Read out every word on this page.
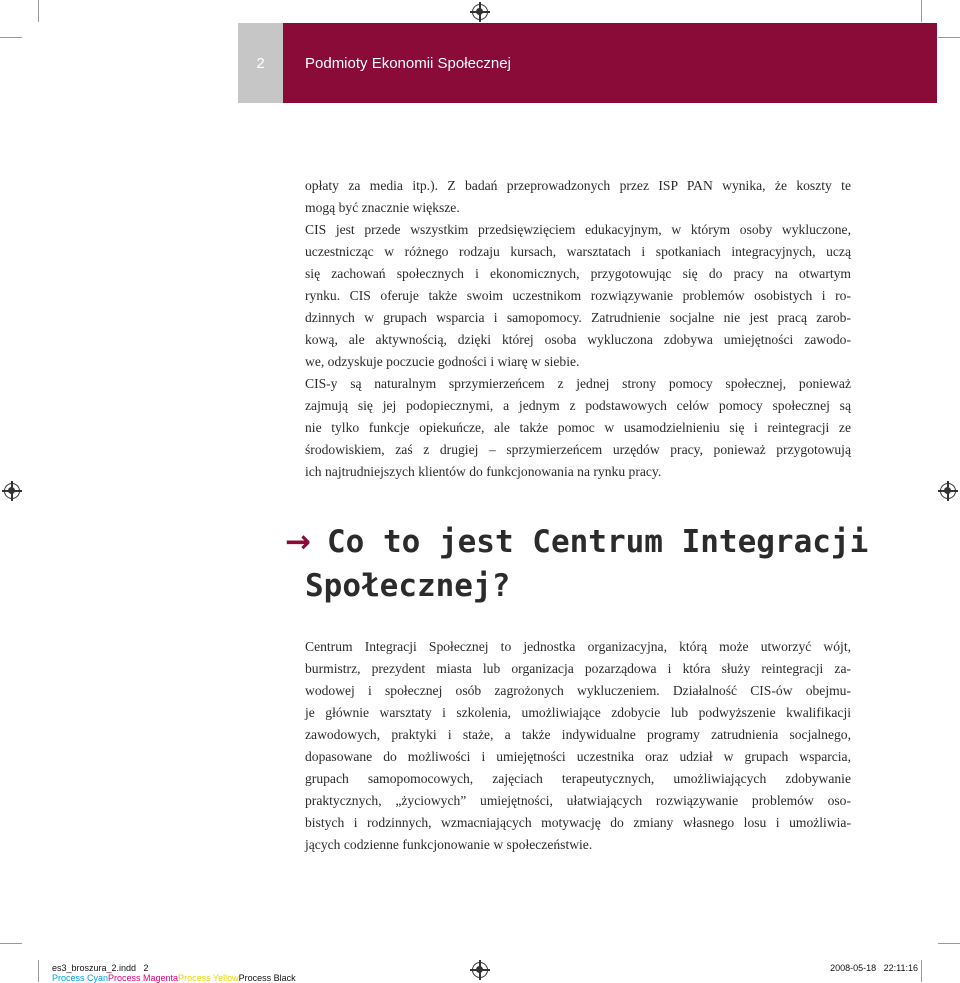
2	Podmioty Ekonomii Społecznej
opłaty za media itp.). Z badań przeprowadzonych przez ISP PAN wynika, że koszty te
mogą być znacznie większe.
CIS jest przede wszystkim przedsięwzięciem edukacyjnym, w którym osoby wykluczone,
uczestnicząc w różnego rodzaju kursach, warsztatach i spotkaniach integracyjnych, uczą
się zachowań społecznych i ekonomicznych, przygotowując się do pracy na otwartym
rynku. CIS oferuje także swoim uczestnikom rozwiązywanie problemów osobistych i ro-
dzinnych w grupach wsparcia i samopomocy. Zatrudnienie socjalne nie jest pracą zarob-
kową, ale aktywnością, dzięki której osoba wykluczona zdobywa umiejętności zawodo-
we, odzyskuje poczucie godności i wiarę w siebie.
CIS-y są naturalnym sprzymierzeńcem z jednej strony pomocy społecznej, ponieważ
zajmują się jej podopiecznymi, a jednym z podstawowych celów pomocy społecznej są
nie tylko funkcje opiekuńcze, ale także pomoc w usamodzielnieniu się i reintegracji ze
środowiskiem, zaś z drugiej – sprzymierzeńcem urzędów pracy, ponieważ przygotowują
ich najtrudniejszych klientów do funkcjonowania na rynku pracy.
→ Co to jest Centrum Integracji
Społecznej?
Centrum Integracji Społecznej to jednostka organizacyjna, którą może utworzyć wójt,
burmistrz, prezydent miasta lub organizacja pozarządowa i która służy reintegracji za-
wodowej i społecznej osób zagrożonych wykluczeniem. Działalność CIS-ów obejmu-
je głównie warsztaty i szkolenia, umożliwiające zdobycie lub podwyższenie kwalifikacji
zawodowych, praktyki i staże, a także indywidualne programy zatrudnienia socjalnego,
dopasowane do możliwości i umiejętności uczestnika oraz udział w grupach wsparcia,
grupach samopomocowych, zajęciach terapeutycznych, umożliwiających zdobywanie
praktycznych, „życiowych” umiejętności, ułatwiających rozwiązywanie problemów oso-
bistych i rodzinnych, wzmacniających motywację do zmiany własnego losu i umożliwia-
jących codzienne funkcjonowanie w społeczeństwie.
es3_broszura_2.indd   2	2008-05-18   22:11:16
Process CyanProcess MagentaProcess YellowProcess Black
